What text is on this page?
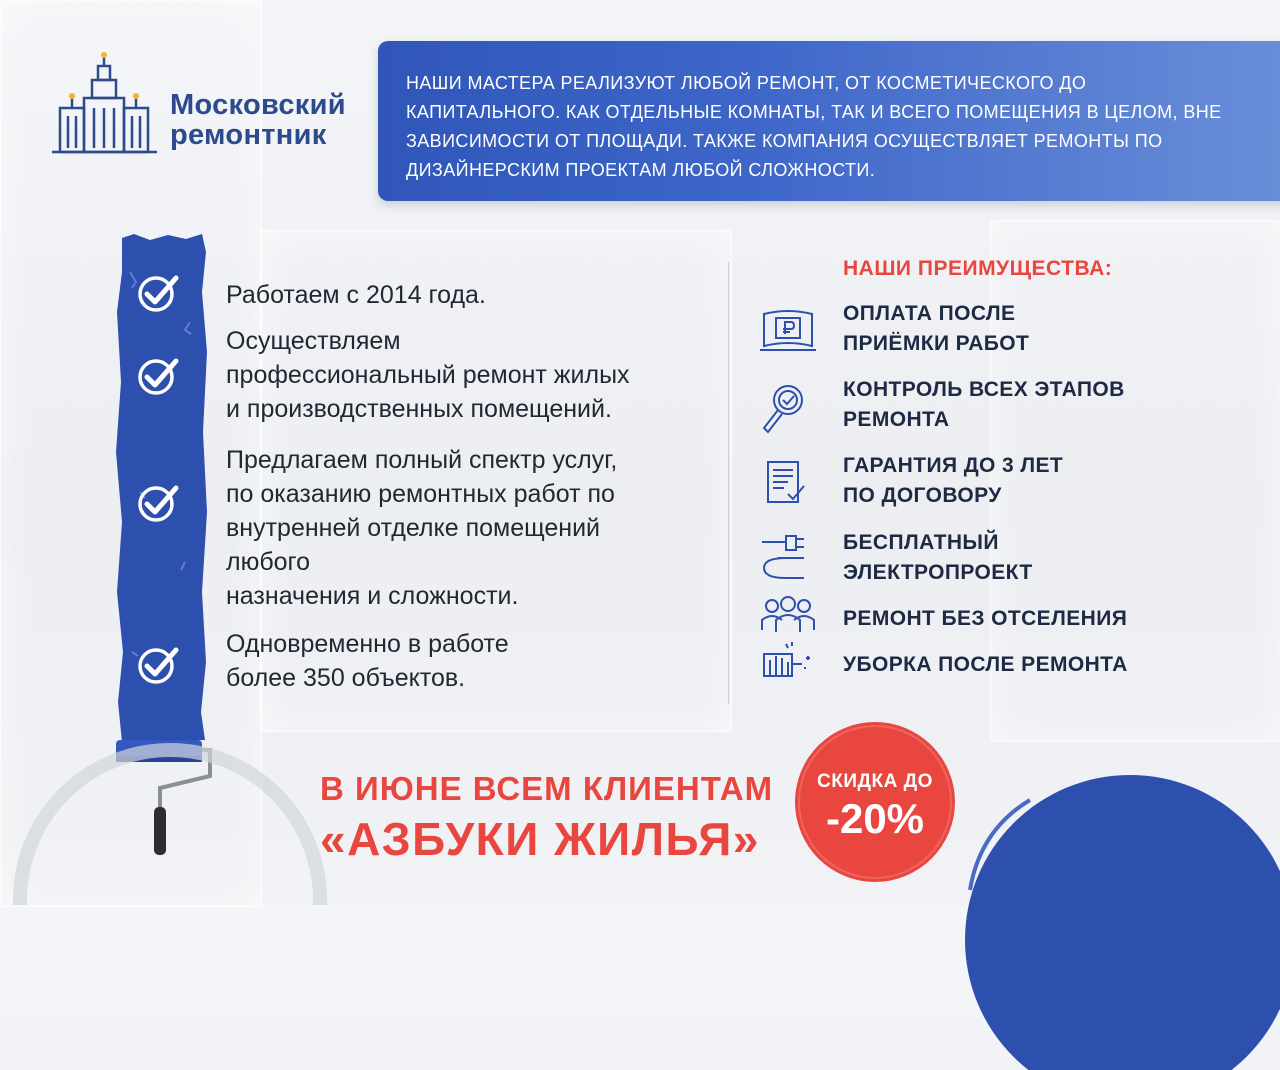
Московский
ремонтник
НАШИ МАСТЕРА РЕАЛИЗУЮТ ЛЮБОЙ РЕМОНТ, ОТ КОСМЕТИЧЕСКОГО ДО КАПИТАЛЬНОГО. КАК ОТДЕЛЬНЫЕ КОМНАТЫ, ТАК И ВСЕГО ПОМЕЩЕНИЯ В ЦЕЛОМ, ВНЕ ЗАВИСИМОСТИ ОТ ПЛОЩАДИ. ТАКЖЕ КОМПАНИЯ ОСУЩЕСТВЛЯЕТ РЕМОНТЫ ПО ДИЗАЙНЕРСКИМ ПРОЕКТАМ ЛЮБОЙ СЛОЖНОСТИ.
Работаем с 2014 года.
Осуществляем
профессиональный ремонт жилых
и производственных помещений.
Предлагаем полный спектр услуг,
по оказанию ремонтных работ по
внутренней отделке помещений
любого
назначения и сложности.
Одновременно в работе
более 350 объектов.
НАШИ ПРЕИМУЩЕСТВА:
ОПЛАТА ПОСЛЕ
ПРИЁМКИ РАБОТ
КОНТРОЛЬ ВСЕХ ЭТАПОВ
РЕМОНТА
ГАРАНТИЯ ДО 3 ЛЕТ
ПО ДОГОВОРУ
БЕСПЛАТНЫЙ
ЭЛЕКТРОПРОЕКТ
РЕМОНТ БЕЗ ОТСЕЛЕНИЯ
УБОРКА ПОСЛЕ РЕМОНТА
В ИЮНЕ ВСЕМ КЛИЕНТАМ
«АЗБУКИ ЖИЛЬЯ»
СКИДКА ДО
-20%
